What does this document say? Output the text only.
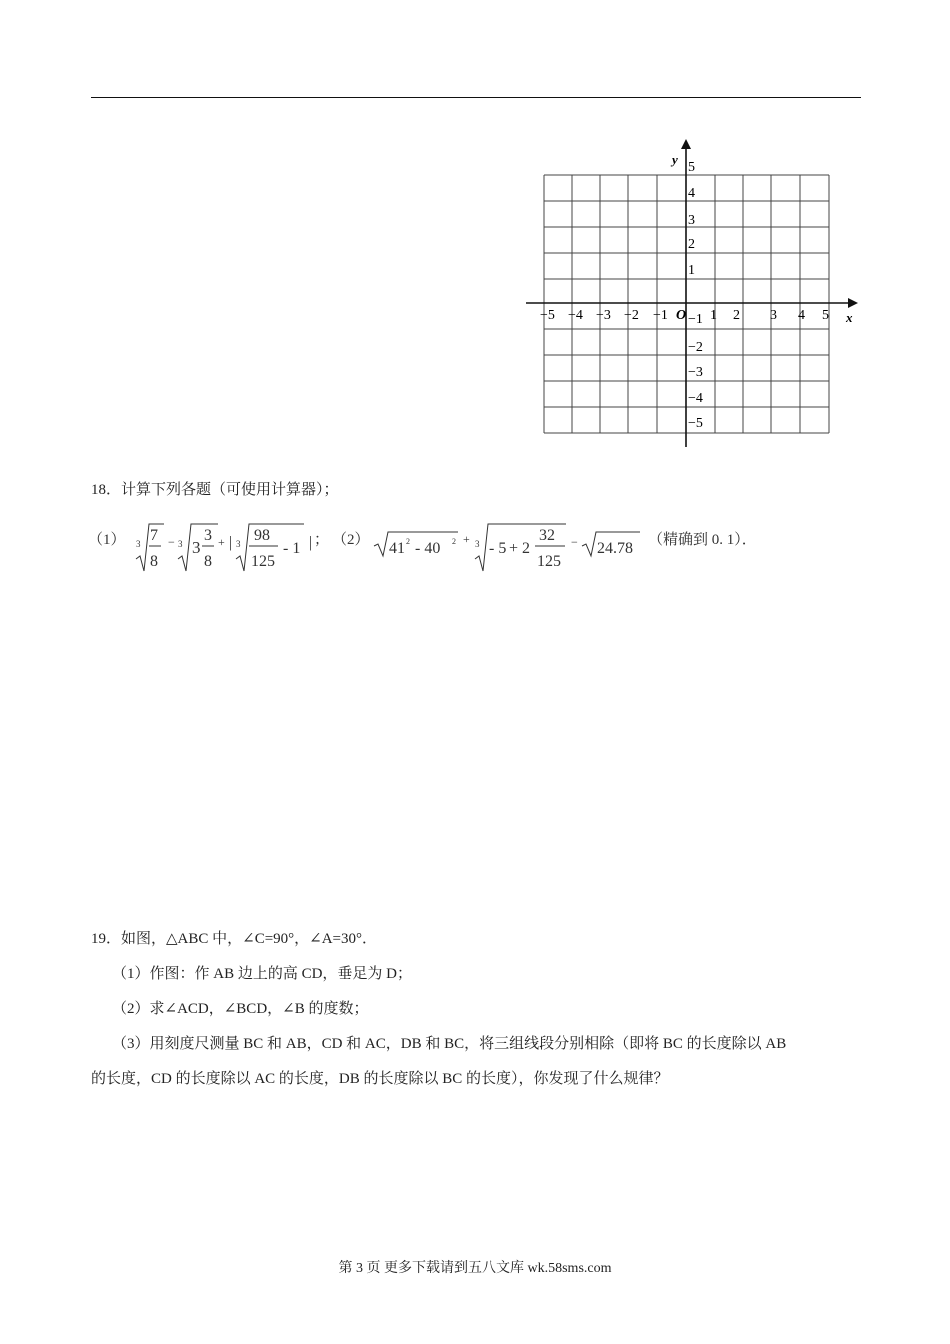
y
x
O
−5 −4 −3 −2 −1	1 2 3 4 5
5
4
3
2
1
−1
−2
−3
−4
−5
18．计算下列各题（可使用计算器）；
（1） 3 7
8
− 3 3
3
8
+ | 3 98
125
- 1 | ； （2） 41 2 - 40 2 + 3 - 5 + 2
32
125
− 24.78 （精确到 0. 1）．
19．如图，△ABC 中，∠C=90°，∠A=30°．
（1）作图：作 AB 边上的高 CD，垂足为 D；
（2）求∠ACD，∠BCD，∠B 的度数；
（3）用刻度尺测量 BC 和 AB，CD 和 AC，DB 和 BC，将三组线段分别相除（即将 BC 的长度除以 AB
的长度，CD 的长度除以 AC 的长度，DB 的长度除以 BC 的长度），你发现了什么规律？
第 3 页 更多下载请到五八文库 wk.58sms.com
